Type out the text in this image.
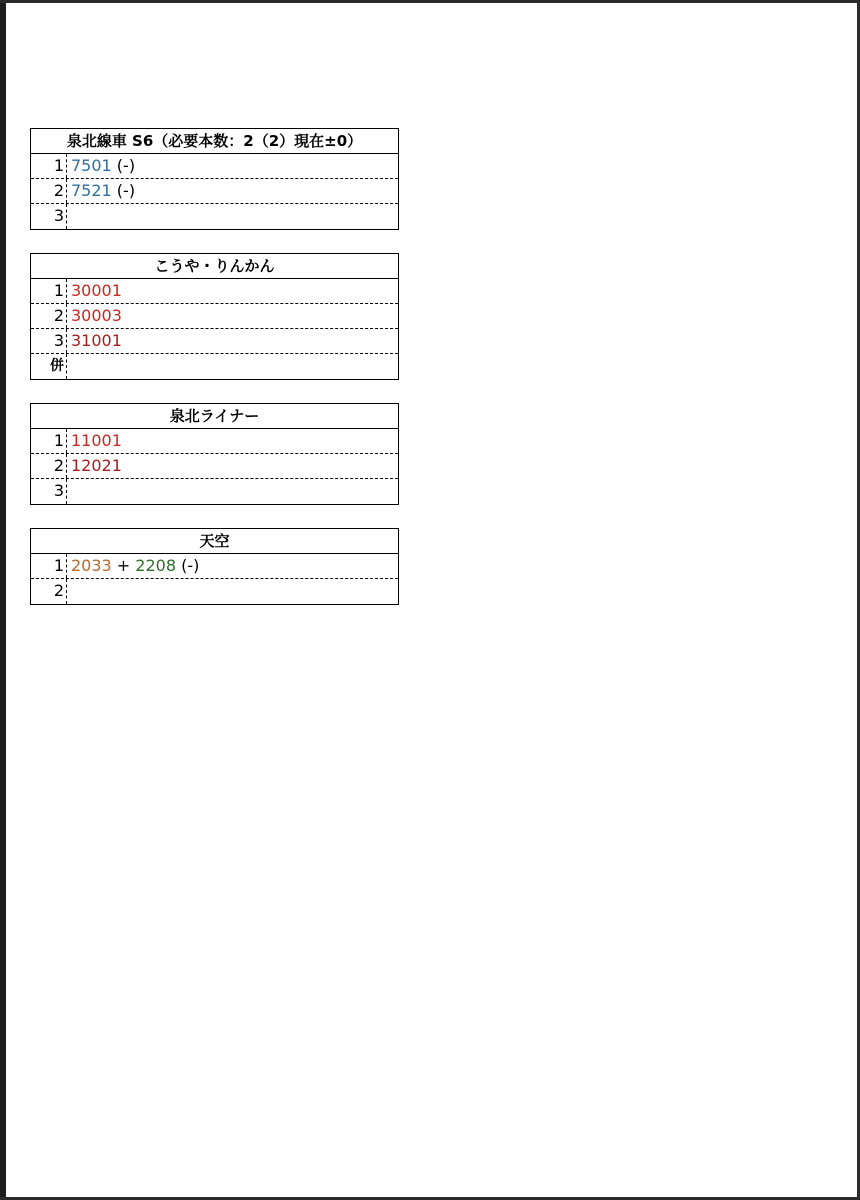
泉北線車 S6（必要本数：2（2）現在±0）
1 7501 (-)
2 7521 (-)
3
こうや・りんかん
1 30001
2 30003
3 31001
併
泉北ライナー
1 11001
2 12021
3
天空
1 2033 + 2208 (-)
2
